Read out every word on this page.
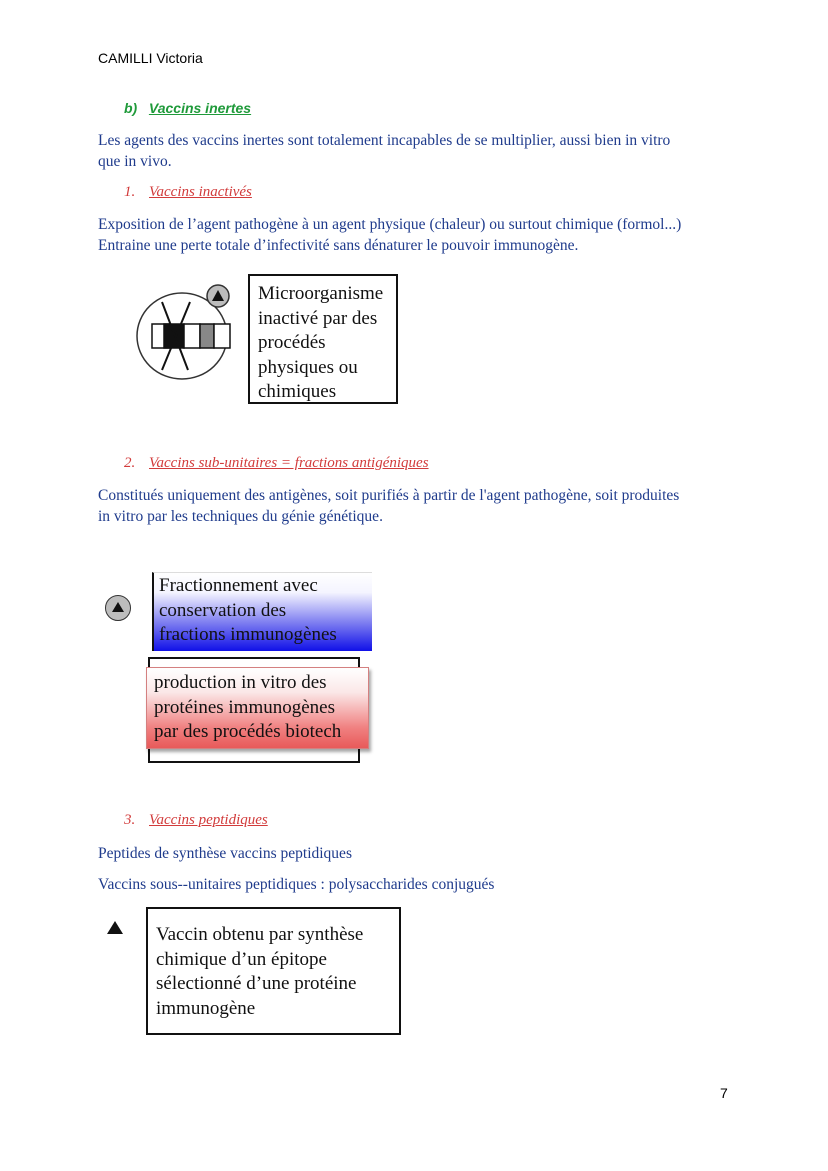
CAMILLI Victoria
b) Vaccins inertes
Les agents des vaccins inertes sont totalement incapables de se multiplier, aussi bien in vitro
que in vivo.
1. Vaccins inactivés
Exposition de l’agent pathogène à un agent physique (chaleur) ou surtout chimique (formol...)
Entraine une perte totale d’infectivité sans dénaturer le pouvoir immunogène.
Microorganisme
inactivé par des
procédés
physiques ou
chimiques
2. Vaccins sub-unitaires = fractions antigéniques
Constitués uniquement des antigènes, soit purifiés à partir de l'agent pathogène, soit produites
in vitro par les techniques du génie génétique.
Fractionnement avec
conservation des
fractions immunogènes
production in vitro des
protéines immunogènes
par des procédés biotech
3. Vaccins peptidiques
Peptides de synthèse vaccins peptidiques
Vaccins sous--unitaires peptidiques : polysaccharides conjugués
Vaccin obtenu par synthèse
chimique d’un épitope
sélectionné d’une protéine
immunogène
7
